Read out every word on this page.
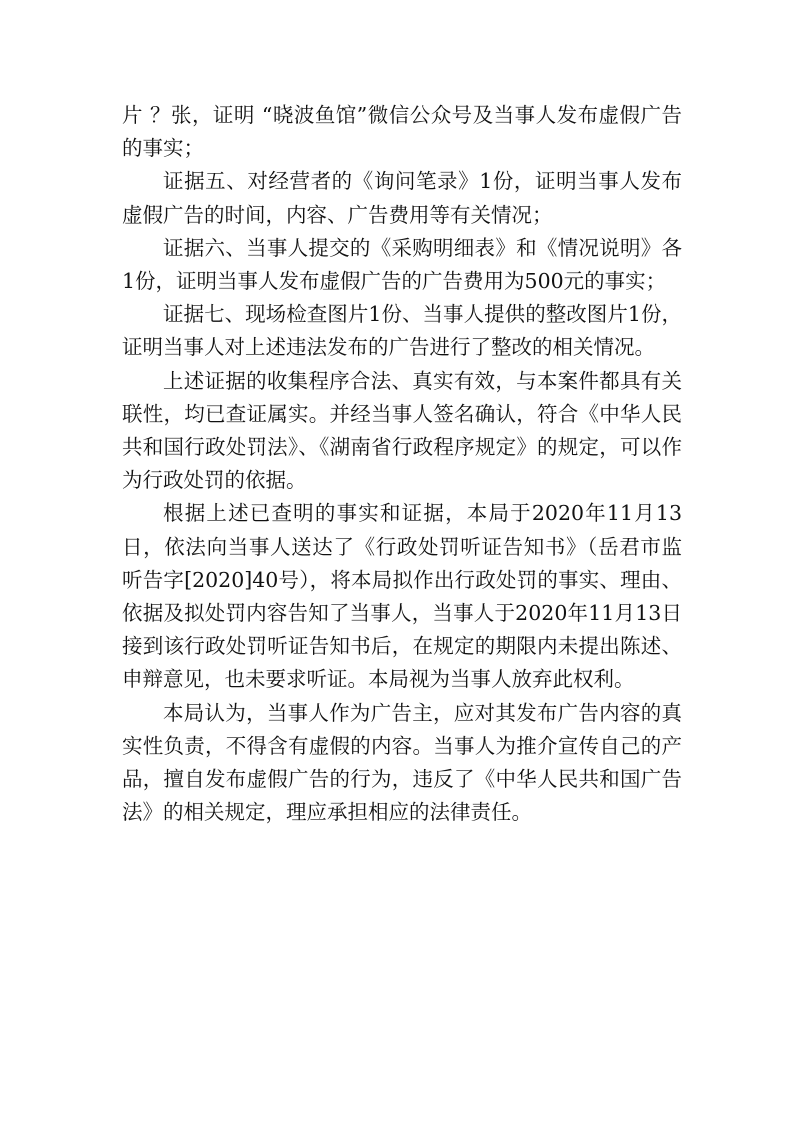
片 ？张，证明 “晓波鱼馆”微信公众号及当事人发布虚假广告的事实；

证据五、对经营者的《询问笔录》1份，证明当事人发布虚假广告的时间，内容、广告费用等有关情况；

证据六、当事人提交的《采购明细表》和《情况说明》各1份，证明当事人发布虚假广告的广告费用为500元的事实；

证据七、现场检查图片1份、当事人提供的整改图片1份，证明当事人对上述违法发布的广告进行了整改的相关情况。

上述证据的收集程序合法、真实有效，与本案件都具有关联性，均已查证属实。并经当事人签名确认，符合《中华人民共和国行政处罚法》、《湖南省行政程序规定》的规定，可以作为行政处罚的依据。

根据上述已查明的事实和证据，本局于2020年11月13日，依法向当事人送达了《行政处罚听证告知书》（岳君市监听告字[2020]40号），将本局拟作出行政处罚的事实、理由、依据及拟处罚内容告知了当事人，当事人于2020年11月13日接到该行政处罚听证告知书后，在规定的期限内未提出陈述、申辩意见，也未要求听证。本局视为当事人放弃此权利。

本局认为，当事人作为广告主，应对其发布广告内容的真实性负责，不得含有虚假的内容。当事人为推介宣传自己的产品，擅自发布虚假广告的行为，违反了《中华人民共和国广告法》的相关规定，理应承担相应的法律责任。
